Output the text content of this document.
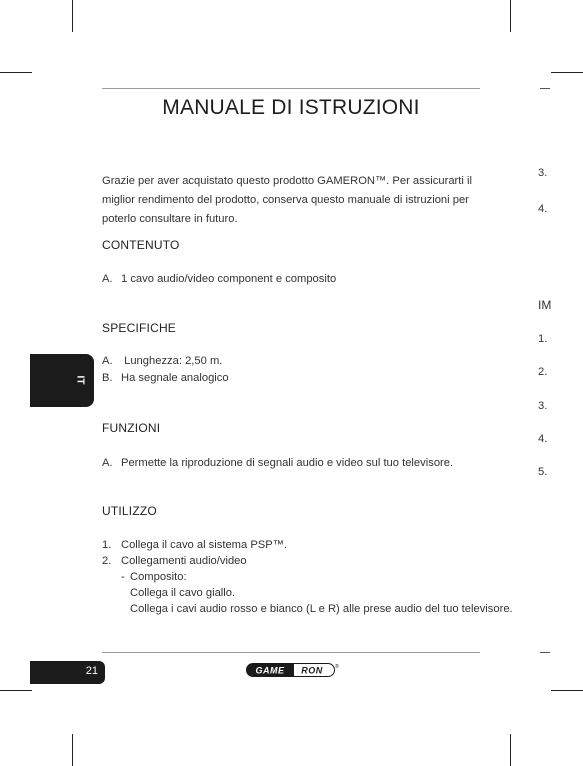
MANUALE DI ISTRUZIONI
Grazie per aver acquistato questo prodotto GAMERON™. Per assicurarti il miglior rendimento del prodotto, conserva questo manuale di istruzioni per poterlo consultare in futuro.
CONTENUTO
A. 1 cavo audio/video component e composito
SPECIFICHE
A. Lunghezza: 2,50 m.
B. Ha segnale analogico
FUNZIONI
A. Permette la riproduzione di segnali audio e video sul tuo televisore.
UTILIZZO
1. Collega il cavo al sistema PSP™.
2. Collegamenti audio/video
- Composito:
Collega il cavo giallo.
Collega i cavi audio rosso e bianco (L e R) alle prese audio del tuo televisore.
IT
21	GAME RON ®
3.
4.
IM
1.
2.
3.
4.
5.
